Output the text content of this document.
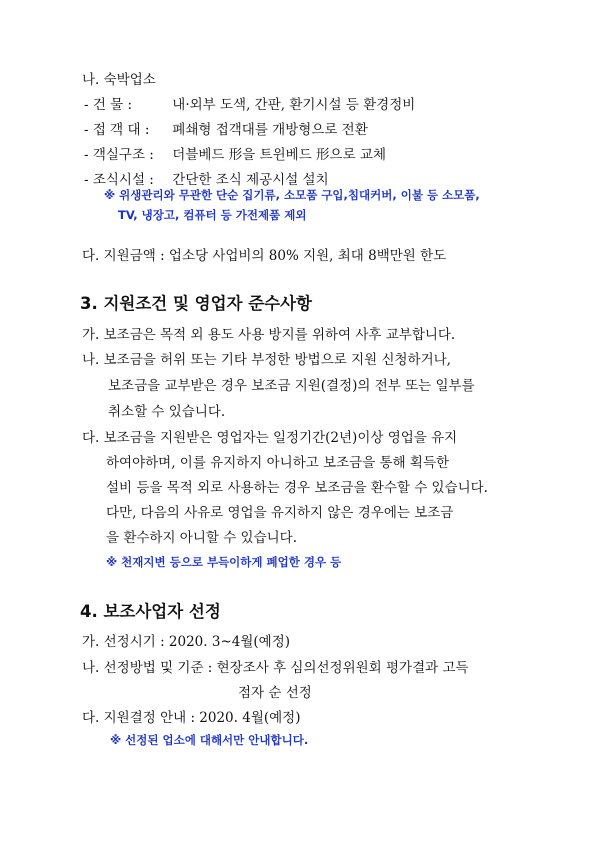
나. 숙박업소
- 건 물 :	내·외부 도색, 간판, 환기시설 등 환경정비
- 접 객 대 : 폐쇄형 접객대를 개방형으로 전환
- 객실구조 : 더블베드 形을 트윈베드 形으로 교체
- 조식시설 : 간단한 조식 제공시설 설치
※ 위생관리와 무관한 단순 집기류, 소모품 구입,침대커버, 이불 등 소모품,
TV, 냉장고, 컴퓨터 등 가전제품 제외
다. 지원금액 : 업소당 사업비의 80% 지원, 최대 8백만원 한도
3. 지원조건 및 영업자 준수사항
가. 보조금은 목적 외 용도 사용 방지를 위하여 사후 교부합니다.
나. 보조금을 허위 또는 기타 부정한 방법으로 지원 신청하거나,
보조금을 교부받은 경우 보조금 지원(결정)의 전부 또는 일부를
취소할 수 있습니다.
다. 보조금을 지원받은 영업자는 일정기간(2년)이상 영업을 유지
하여야하며, 이를 유지하지 아니하고 보조금을 통해 획득한
설비 등을 목적 외로 사용하는 경우 보조금을 환수할 수 있습니다.
다만, 다음의 사유로 영업을 유지하지 않은 경우에는 보조금
을 환수하지 아니할 수 있습니다.
※ 천재지변 등으로 부득이하게 폐업한 경우 등
4. 보조사업자 선정
가. 선정시기 : 2020. 3~4월(예정)
나. 선정방법 및 기준 : 현장조사 후 심의선정위원회 평가결과 고득
점자 순 선정
다. 지원결정 안내 : 2020. 4월(예정)
※ 선정된 업소에 대해서만 안내합니다.
